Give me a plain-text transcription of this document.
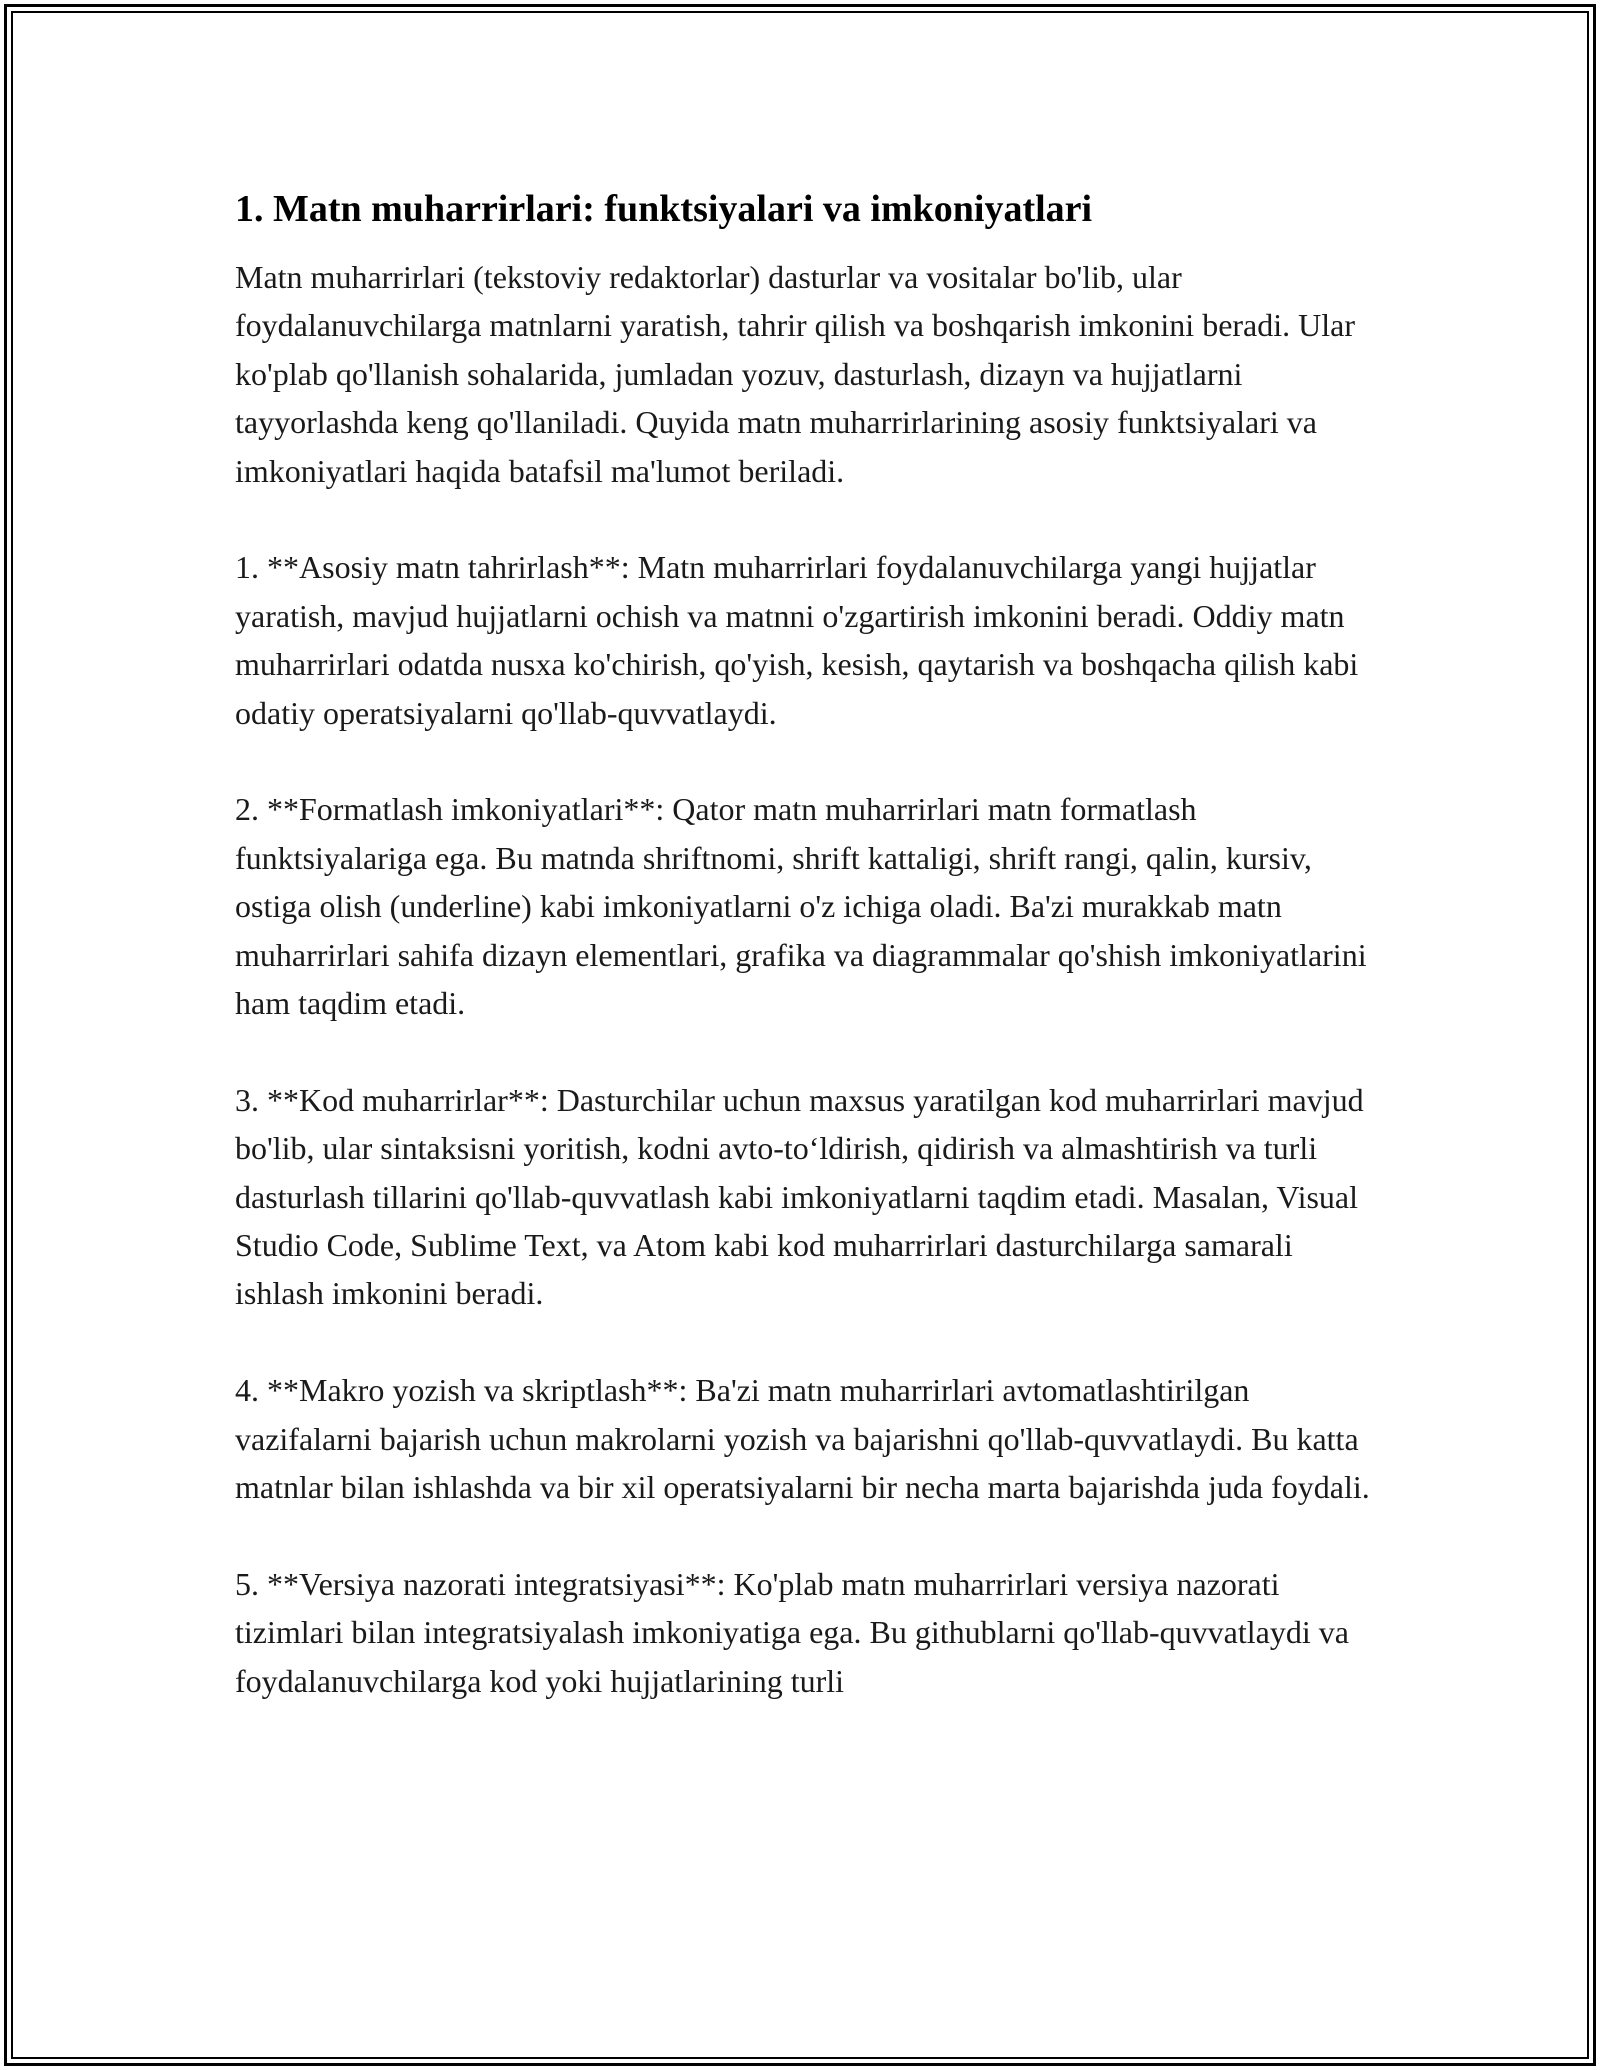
1. Matn muharrirlari: funktsiyalari va imkoniyatlari

Matn muharrirlari (tekstoviy redaktorlar) dasturlar va vositalar bo'lib, ular foydalanuvchilarga matnlarni yaratish, tahrir qilish va boshqarish imkonini beradi. Ular ko'plab qo'llanish sohalarida, jumladan yozuv, dasturlash, dizayn va hujjatlarni tayyorlashda keng qo'llaniladi. Quyida matn muharrirlarining asosiy funktsiyalari va imkoniyatlari haqida batafsil ma'lumot beriladi.

1. **Asosiy matn tahrirlash**: Matn muharrirlari foydalanuvchilarga yangi hujjatlar yaratish, mavjud hujjatlarni ochish va matnni o'zgartirish imkonini beradi. Oddiy matn muharrirlari odatda nusxa ko'chirish, qo'yish, kesish, qaytarish va boshqacha qilish kabi odatiy operatsiyalarni qo'llab-quvvatlaydi.

2. **Formatlash imkoniyatlari**: Qator matn muharrirlari matn formatlash funktsiyalariga ega. Bu matnda shriftnomi, shrift kattaligi, shrift rangi, qalin, kursiv, ostiga olish (underline) kabi imkoniyatlarni o'z ichiga oladi. Ba'zi murakkab matn muharrirlari sahifa dizayn elementlari, grafika va diagrammalar qo'shish imkoniyatlarini ham taqdim etadi.

3. **Kod muharrirlar**: Dasturchilar uchun maxsus yaratilgan kod muharrirlari mavjud bo'lib, ular sintaksisni yoritish, kodni avto-to‘ldirish, qidirish va almashtirish va turli dasturlash tillarini qo'llab-quvvatlash kabi imkoniyatlarni taqdim etadi. Masalan, Visual Studio Code, Sublime Text, va Atom kabi kod muharrirlari dasturchilarga samarali ishlash imkonini beradi.

4. **Makro yozish va skriptlash**: Ba'zi matn muharrirlari avtomatlashtirilgan vazifalarni bajarish uchun makrolarni yozish va bajarishni qo'llab-quvvatlaydi. Bu katta matnlar bilan ishlashda va bir xil operatsiyalarni bir necha marta bajarishda juda foydali.

5. **Versiya nazorati integratsiyasi**: Ko'plab matn muharrirlari versiya nazorati tizimlari bilan integratsiyalash imkoniyatiga ega. Bu githublarni qo'llab-quvvatlaydi va foydalanuvchilarga kod yoki hujjatlarining turli
